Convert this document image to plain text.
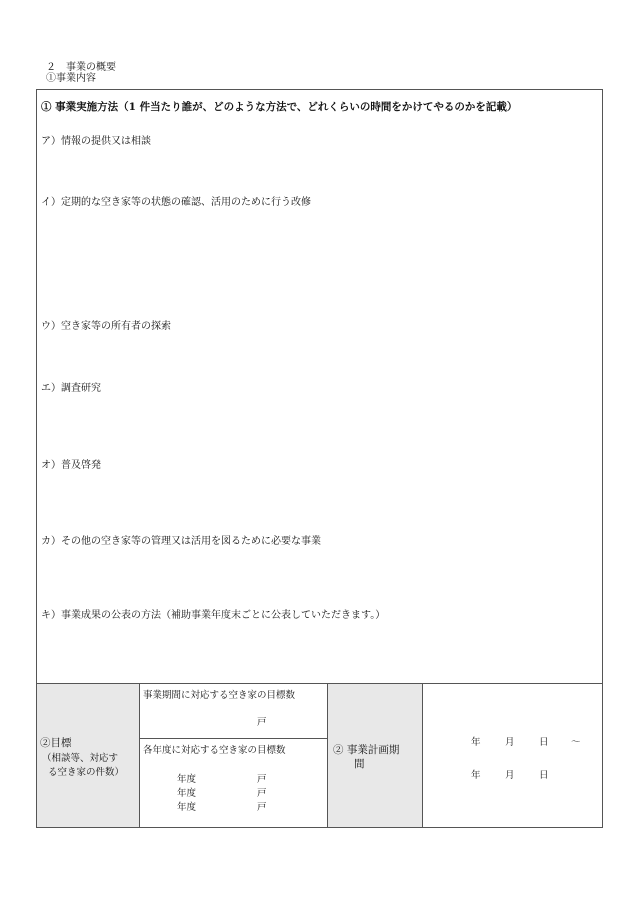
２　事業の概要
①事業内容
① 事業実施方法（1 件当たり誰が、どのような方法で、どれくらいの時間をかけてやるのかを記載）
ア）情報の提供又は相談
イ）定期的な空き家等の状態の確認、活用のために行う改修
ウ）空き家等の所有者の探索
エ）調査研究
オ）普及啓発
カ）その他の空き家等の管理又は活用を図るために必要な事業
キ）事業成果の公表の方法（補助事業年度末ごとに公表していただきます。）
②目標
（相談等、対応す
る空き家の件数）
事業期間に対応する空き家の目標数
戸
各年度に対応する空き家の目標数
年度	戸
年度	戸
年度	戸
② 事業計画期
間
年	月	日 ～
年	月	日
